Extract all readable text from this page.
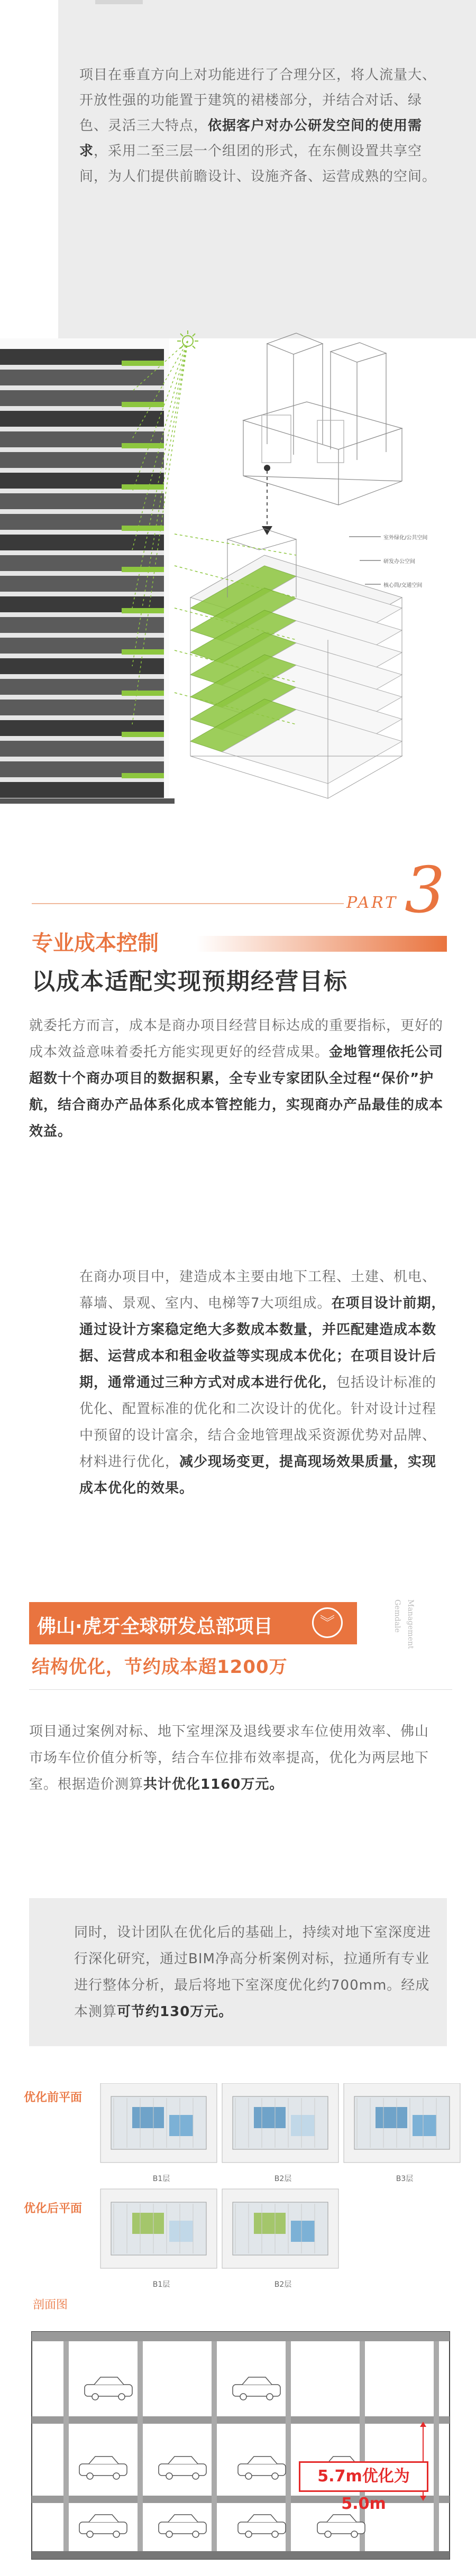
项目在垂直方向上对功能进行了合理分区，将人流量大、开放性强的功能置于建筑的裙楼部分，并结合对话、绿色、灵活三大特点，依据客户对办公研发空间的使用需求，采用二至三层一个组团的形式，在东侧设置共享空间，为人们提供前瞻设计、设施齐备、运营成熟的空间。

室外绿化/公共空间
研发办公空间
核心筒/交通空间
PART 3
专业成本控制
以成本适配实现预期经营目标

就委托方而言，成本是商办项目经营目标达成的重要指标，更好的成本效益意味着委托方能实现更好的经营成果。金地管理依托公司超数十个商办项目的数据积累，全专业专家团队全过程“保价”护航，结合商办产品体系化成本管控能力，实现商办产品最佳的成本效益。

在商办项目中，建造成本主要由地下工程、土建、机电、幕墙、景观、室内、电梯等7大项组成。在项目设计前期，通过设计方案稳定绝大多数成本数量，并匹配建造成本数据、运营成本和租金收益等实现成本优化；在项目设计后期，通常通过三种方式对成本进行优化，包括设计标准的优化、配置标准的优化和二次设计的优化。针对设计过程中预留的设计富余，结合金地管理战采资源优势对品牌、材料进行优化，减少现场变更，提高现场效果质量，实现成本优化的效果。

佛山·虎牙全球研发总部项目	︾
结构优化，节约成本超1200万
Gemdale Management

项目通过案例对标、地下室埋深及退线要求车位使用效率、佛山市场车位价值分析等，结合车位排布效率提高，优化为两层地下室。根据造价测算共计优化1160万元。

同时，设计团队在优化后的基础上，持续对地下室深度进行深化研究，通过BIM净高分析案例对标，拉通所有专业进行整体分析，最后将地下室深度优化约700mm。经成本测算可节约130万元。

优化前平面
优化后平面
B1层	B2层	B3层
B1层	B2层
剖面图
5.7m优化为5.0m
